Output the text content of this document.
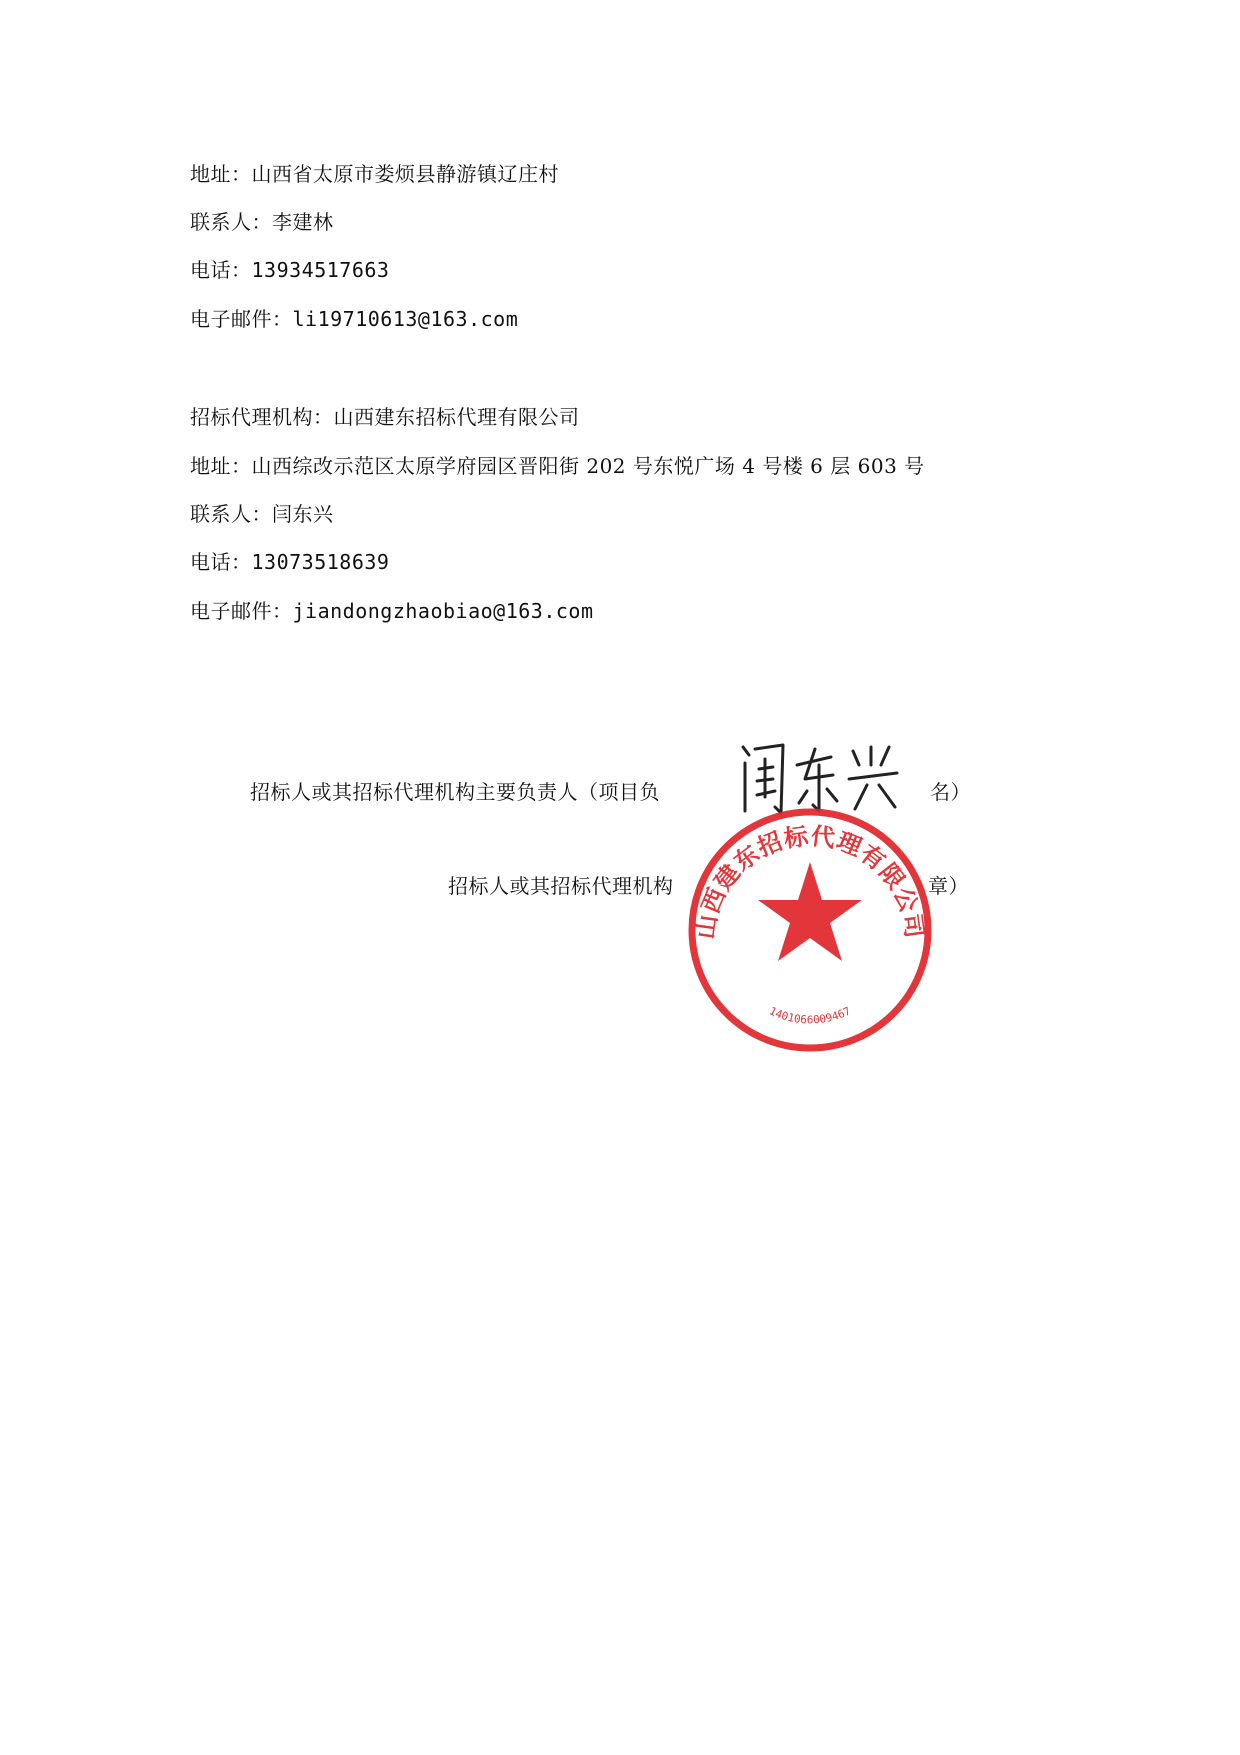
地址：山西省太原市娄烦县静游镇辽庄村
联系人：李建林
电话：13934517663
电子邮件：li19710613@163.com
招标代理机构：山西建东招标代理有限公司
地址：山西综改示范区太原学府园区晋阳街 202 号东悦广场 4 号楼 6 层 603 号
联系人：闫东兴
电话：13073518639
电子邮件：jiandongzhaobiao@163.com
招标人或其招标代理机构主要负责人（项目负	名）
招标人或其招标代理机构	章）
山西建东招标代理有限公司
1401066009467
